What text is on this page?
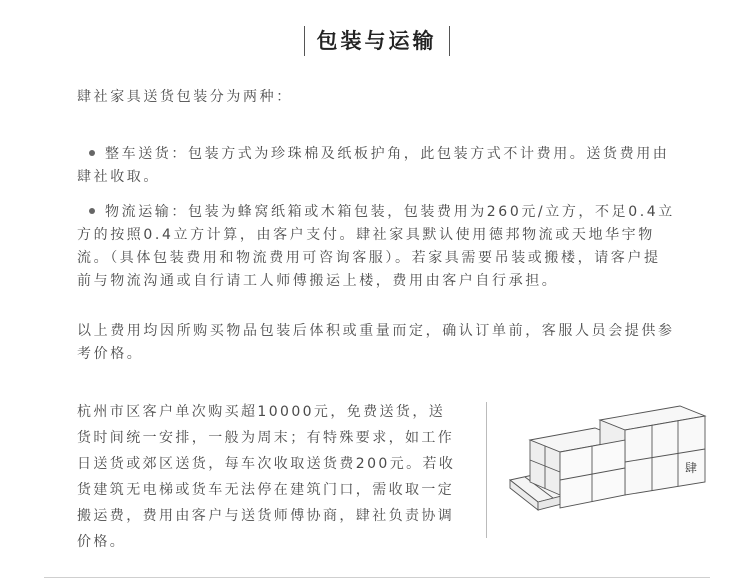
包装与运输

肆社家具送货包装分为两种：

整车送货：包装方式为珍珠棉及纸板护角，此包装方式不计费用。送货费用由肆社收取。

物流运输：包装为蜂窝纸箱或木箱包装，包装费用为260元/立方，不足0.4立方的按照0.4立方计算，由客户支付。肆社家具默认使用德邦物流或天地华宇物流。（具体包装费用和物流费用可咨询客服）。若家具需要吊装或搬楼，请客户提前与物流沟通或自行请工人师傅搬运上楼，费用由客户自行承担。

以上费用均因所购买物品包装后体积或重量而定，确认订单前，客服人员会提供参考价格。

杭州市区客户单次购买超10000元，免费送货，送货时间统一安排，一般为周末；有特殊要求，如工作日送货或郊区送货，每车次收取送货费200元。若收货建筑无电梯或货车无法停在建筑门口，需收取一定搬运费，费用由客户与送货师傅协商，肆社负责协调价格。

肆
